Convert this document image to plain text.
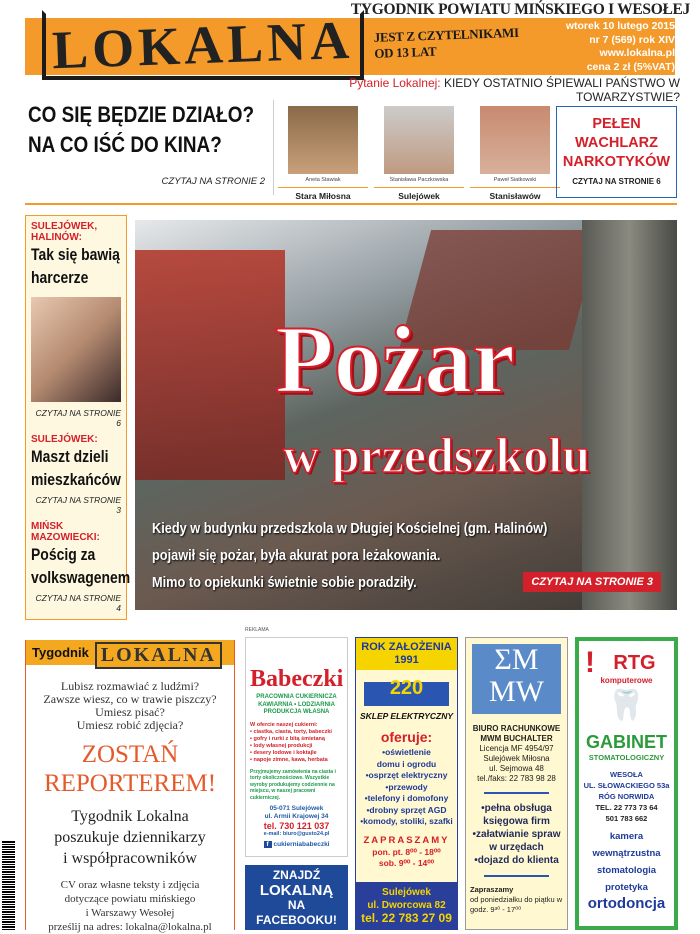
TYGODNIK POWIATU MIŃSKIEGO I WESOŁEJ
LOKALNA JEST Z CZYTELNIKAMI OD 13 LAT
wtorek 10 lutego 2015
nr 7 (569) rok XIV
www.lokalna.pl
cena 2 zł (5%VAT)
Pytanie Lokalnej: KIEDY OSTATNIO ŚPIEWALI PAŃSTWO W TOWARZYSTWIE?
CO SIĘ BĘDZIE DZIAŁO?
NA CO IŚĆ DO KINA?
CZYTAJ NA STRONIE 2	Aneta Stawiak
Stara Miłosna
Stanisława Paczkowska
Sulejówek
Paweł Siatkowski
Stanisławów
PEŁEN
WACHLARZ
NARKOTYKÓW
CZYTAJ NA STRONIE 6
SULEJÓWEK, HALINÓW:
Tak się bawią
harcerze
CZYTAJ NA STRONIE 6
SULEJÓWEK:
Maszt dzieli
mieszkańców
CZYTAJ NA STRONIE 3
MIŃSK MAZOWIECKI:
Pościg za
volkswagenem
CZYTAJ NA STRONIE 4
Pożar
w przedszkolu
Kiedy w budynku przedszkola w Długiej Kościelnej (gm. Halinów)
pojawił się pożar, była akurat pora leżakowania.
Mimo to opiekunki świetnie sobie poradziły.	CZYTAJ NA STRONIE 3
REKLAMA
Tygodnik LOKALNA
Lubisz rozmawiać z ludźmi?
Zawsze wiesz, co w trawie piszczy?
Umiesz pisać?
Umiesz robić zdjęcia?
ZOSTAŃ
REPORTEREM!
Tygodnik Lokalna
poszukuje dziennikarzy
i współpracowników
CV oraz własne teksty i zdjęcia
dotyczące powiatu mińskiego
i Warszawy Wesołej
prześlij na adres: lokalna@lokalna.pl
Babeczki
PRACOWNIA CUKIERNICZA
KAWIARNIA • LODZIARNIA
PRODUKCJA WŁASNA
W ofercie naszej cukierni:
• ciastka, ciasta, torty, babeczki
• gofry i rurki z bitą śmietaną
• lody własnej produkcji
• desery lodowe i koktajle
• napoje zimne, kawa, herbata
Przyjmujemy zamówienia na ciasta i torty okolicznościowe. Wszystkie wyroby produkujemy codziennie na miejscu, w naszej pracowni cukierniczej.
05-071 Sulejówek
ul. Armii Krajowej 34
tel. 730 121 037
e-mail: biuro@gusto24.pl
f cukierniababeczki
ZNAJDŹ
LOKALNĄ
NA
FACEBOOKU!
ROK ZAŁOŻENIA 1991
220
SKLEP ELEKTRYCZNY
oferuje:
•oświetlenie
domu i ogrodu
•osprzęt elektryczny
•przewody
•telefony i domofony
•drobny sprzęt AGD
•komody, stoliki, szafki
ZAPRASZAMY
pon. pt. 8⁰⁰ - 18⁰⁰
sob. 9⁰⁰ - 14⁰⁰
Sulejówek
ul. Dworcowa 82
tel. 22 783 27 09
ΣM MW
BIURO RACHUNKOWE
MWM BUCHALTER
Licencja MF 4954/97
Sulejówek Miłosna
ul. Sejmowa 48
tel./faks: 22 783 98 28
•pełna obsługa
księgowa firm
•załatwianie spraw
w urzędach
•dojazd do klienta
Zapraszamy
od poniedziałku do piątku w godz. 9³⁰ - 17⁰⁰
! RTG
komputerowe
🦷
GABINET
STOMATOLOGICZNY
WESOŁA
UL. SŁOWACKIEGO 53a
RÓG NORWIDA
TEL. 22 773 73 64
501 783 662
kamera wewnątrzustna
stomatologia
protetyka
ortodoncja
